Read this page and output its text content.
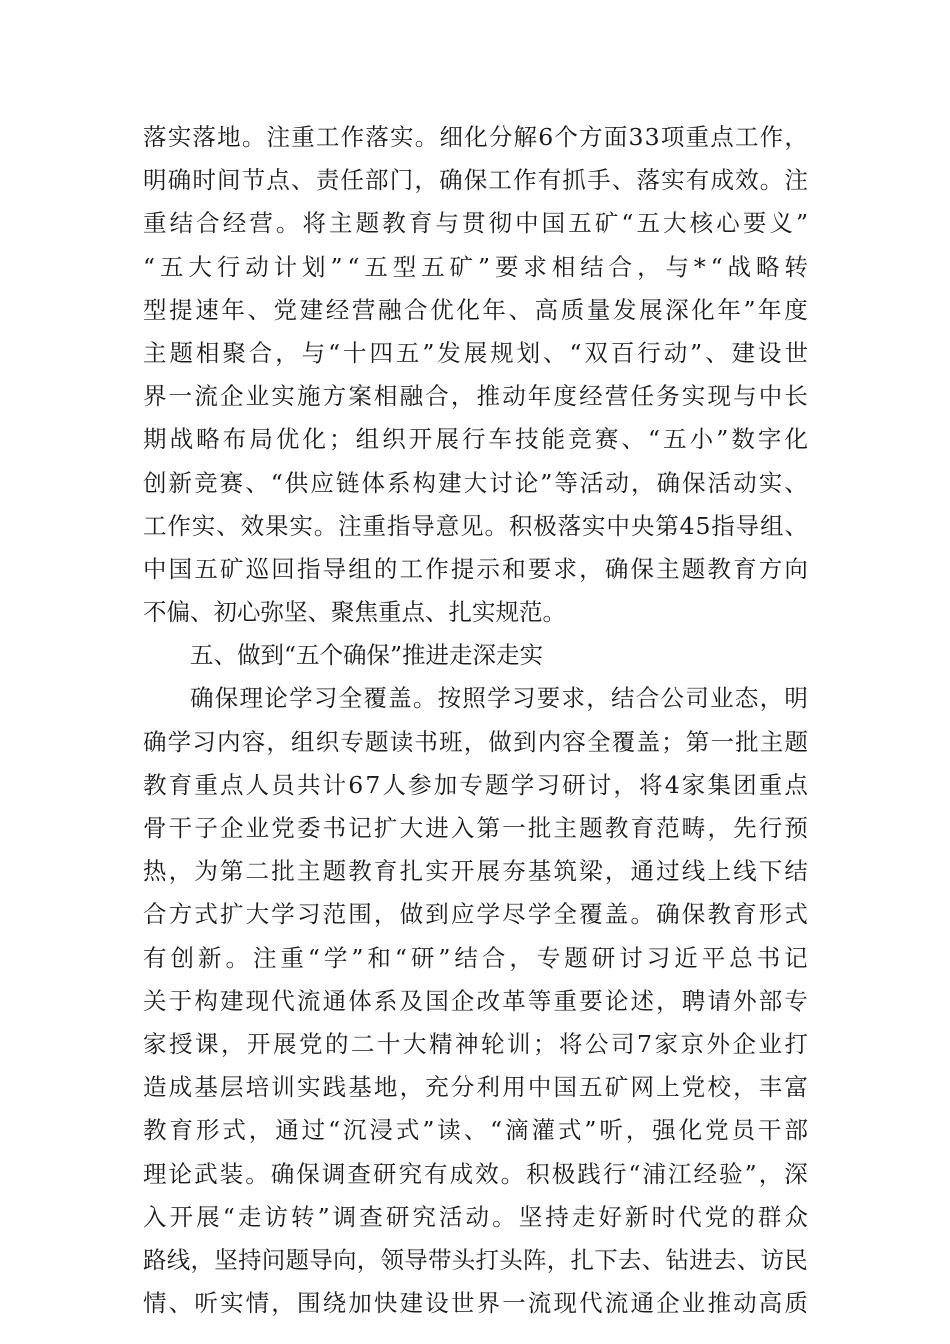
落 实 落 地 。 注 重 工 作 落 实 。 细 化 分 解 6 个 方 面 3 3 项 重 点 工 作 ，
明 确 时 间 节 点 、 责 任 部 门 ， 确 保 工 作 有 抓 手 、 落 实 有 成 效 。 注
重 结 合 经 营 。 将 主 题 教 育 与 贯 彻 中 国 五 矿 “ 五 大 核 心 要 义 ”
“ 五 大 行 动 计 划 ” “ 五 型 五 矿 ” 要 求 相 结 合 ， 与 * “ 战 略 转
型 提 速 年 、 党 建 经 营 融 合 优 化 年 、 高 质 量 发 展 深 化 年 ” 年 度
主 题 相 聚 合 ， 与 “ 十 四 五 ” 发 展 规 划 、 “ 双 百 行 动 ” 、 建 设 世
界 一 流 企 业 实 施 方 案 相 融 合 ， 推 动 年 度 经 营 任 务 实 现 与 中 长
期 战 略 布 局 优 化 ； 组 织 开 展 行 车 技 能 竞 赛 、 “ 五 小 ” 数 字 化
创 新 竞 赛 、 “ 供 应 链 体 系 构 建 大 讨 论 ” 等 活 动 ， 确 保 活 动 实 、
工 作 实 、 效 果 实 。 注 重 指 导 意 见 。 积 极 落 实 中 央 第 4 5 指 导 组 、
中 国 五 矿 巡 回 指 导 组 的 工 作 提 示 和 要 求 ， 确 保 主 题 教 育 方 向
不偏、初心弥坚、聚焦重点、扎实规范。
五、做到“五个确保”推进走深走实
确 保 理 论 学 习 全 覆 盖 。 按 照 学 习 要 求 ， 结 合 公 司 业 态 ， 明
确 学 习 内 容 ， 组 织 专 题 读 书 班 ， 做 到 内 容 全 覆 盖 ； 第 一 批 主 题
教 育 重 点 人 员 共 计 6 7 人 参 加 专 题 学 习 研 讨 ， 将 4 家 集 团 重 点
骨 干 子 企 业 党 委 书 记 扩 大 进 入 第 一 批 主 题 教 育 范 畴 ， 先 行 预
热 ， 为 第 二 批 主 题 教 育 扎 实 开 展 夯 基 筑 梁 ， 通 过 线 上 线 下 结
合 方 式 扩 大 学 习 范 围 ， 做 到 应 学 尽 学 全 覆 盖 。 确 保 教 育 形 式
有 创 新 。 注 重 “ 学 ” 和 “ 研 ” 结 合 ， 专 题 研 讨 习 近 平 总 书 记
关 于 构 建 现 代 流 通 体 系 及 国 企 改 革 等 重 要 论 述 ， 聘 请 外 部 专
家 授 课 ， 开 展 党 的 二 十 大 精 神 轮 训 ； 将 公 司 7 家 京 外 企 业 打
造 成 基 层 培 训 实 践 基 地 ， 充 分 利 用 中 国 五 矿 网 上 党 校 ， 丰 富
教 育 形 式 ， 通 过 “ 沉 浸 式 ” 读 、 “ 滴 灌 式 ” 听 ， 强 化 党 员 干 部
理 论 武 装 。 确 保 调 查 研 究 有 成 效 。 积 极 践 行 “ 浦 江 经 验 ” ， 深
入 开 展 “ 走 访 转 ” 调 查 研 究 活 动 。 坚 持 走 好 新 时 代 党 的 群 众
路 线 ， 坚 持 问 题 导 向 ， 领 导 带 头 打 头 阵 ， 扎 下 去 、 钻 进 去 、 访 民
情 、 听 实 情 ， 围 绕 加 快 建 设 世 界 一 流 现 代 流 通 企 业 推 动 高 质
